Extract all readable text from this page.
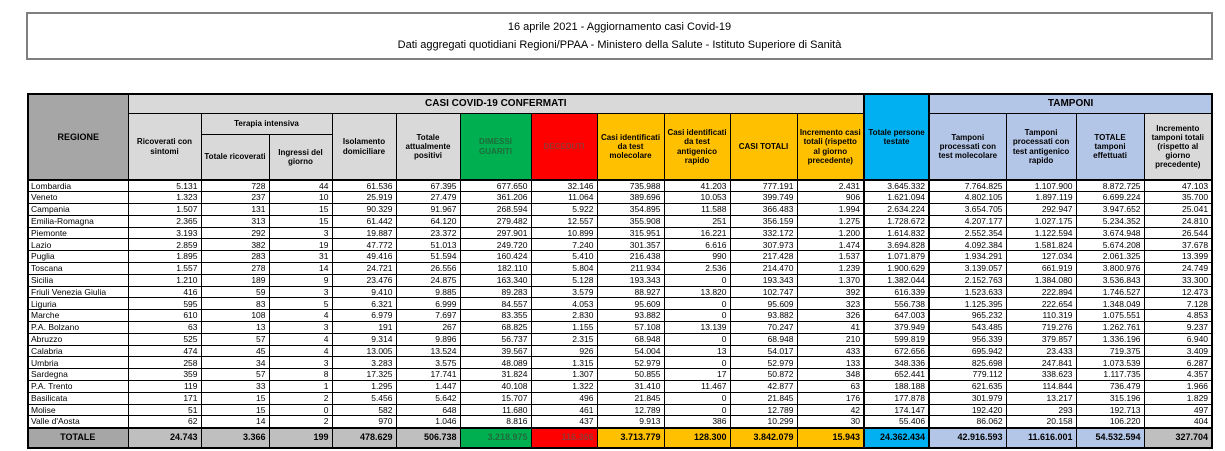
16 aprile 2021 - Aggiornamento casi Covid-19
Dati aggregati quotidiani Regioni/PPAA - Ministero della Salute - Istituto Superiore di Sanità
REGIONE	CASI COVID-19 CONFERMATI											Totale persone testate	TAMPONI			
	Ricoverati con sintomi	Terapia intensiva		Isolamento domiciliare	Totale attualmente positivi	DIMESSI GUARITI	DECEDUTI	Casi identificati da test molecolare	Casi identificati da test antigenico rapido	CASI TOTALI	Incremento casi totali (rispetto al giorno precedente)		Tamponi processati con test molecolare	Tamponi processati con test antigenico rapido	TOTALE tamponi effettuati	Incremento tamponi totali (rispetto al giorno precedente)
		Totale ricoverati	Ingressi del giorno													
Lombardia	5.131	728	44	61.536	67.395	677.650	32.146	735.988	41.203	777.191	2.431	3.645.332	7.764.825	1.107.900	8.872.725	47.103
Veneto	1.323	237	10	25.919	27.479	361.206	11.064	389.696	10.053	399.749	906	1.621.094	4.802.105	1.897.119	6.699.224	35.700
Campania	1.507	131	15	90.329	91.967	268.594	5.922	354.895	11.588	366.483	1.994	2.634.224	3.654.705	292.947	3.947.652	25.041
Emilia-Romagna	2.365	313	15	61.442	64.120	279.482	12.557	355.908	251	356.159	1.275	1.728.672	4.207.177	1.027.175	5.234.352	24.810
Piemonte	3.193	292	3	19.887	23.372	297.901	10.899	315.951	16.221	332.172	1.200	1.614.832	2.552.354	1.122.594	3.674.948	26.544
Lazio	2.859	382	19	47.772	51.013	249.720	7.240	301.357	6.616	307.973	1.474	3.694.828	4.092.384	1.581.824	5.674.208	37.678
Puglia	1.895	283	31	49.416	51.594	160.424	5.410	216.438	990	217.428	1.537	1.071.879	1.934.291	127.034	2.061.325	13.399
Toscana	1.557	278	14	24.721	26.556	182.110	5.804	211.934	2.536	214.470	1.239	1.900.629	3.139.057	661.919	3.800.976	24.749
Sicilia	1.210	189	9	23.476	24.875	163.340	5.128	193.343	0	193.343	1.370	1.382.044	2.152.763	1.384.080	3.536.843	33.300
Friuli Venezia Giulia	416	59	3	9.410	9.885	89.283	3.579	88.927	13.820	102.747	392	616.339	1.523.633	222.894	1.746.527	12.473
Liguria	595	83	5	6.321	6.999	84.557	4.053	95.609	0	95.609	323	556.738	1.125.395	222.654	1.348.049	7.128
Marche	610	108	4	6.979	7.697	83.355	2.830	93.882	0	93.882	326	647.003	965.232	110.319	1.075.551	4.853
P.A. Bolzano	63	13	3	191	267	68.825	1.155	57.108	13.139	70.247	41	379.949	543.485	719.276	1.262.761	9.237
Abruzzo	525	57	4	9.314	9.896	56.737	2.315	68.948	0	68.948	210	599.819	956.339	379.857	1.336.196	6.940
Calabria	474	45	4	13.005	13.524	39.567	926	54.004	13	54.017	433	672.656	695.942	23.433	719.375	3.409
Umbria	258	34	3	3.283	3.575	48.089	1.315	52.979	0	52.979	133	348.336	825.698	247.841	1.073.539	6.287
Sardegna	359	57	8	17.325	17.741	31.824	1.307	50.855	17	50.872	348	652.441	779.112	338.623	1.117.735	4.357
P.A. Trento	119	33	1	1.295	1.447	40.108	1.322	31.410	11.467	42.877	63	188.188	621.635	114.844	736.479	1.966
Basilicata	171	15	2	5.456	5.642	15.707	496	21.845	0	21.845	176	177.878	301.979	13.217	315.196	1.829
Molise	51	15	0	582	648	11.680	461	12.789	0	12.789	42	174.147	192.420	293	192.713	497
Valle d'Aosta	62	14	2	970	1.046	8.816	437	9.913	386	10.299	30	55.406	86.062	20.158	106.220	404
TOTALE	24.743	3.366	199	478.629	506.738	3.218.975	116.366	3.713.779	128.300	3.842.079	15.943	24.362.434	42.916.593	11.616.001	54.532.594	327.704
